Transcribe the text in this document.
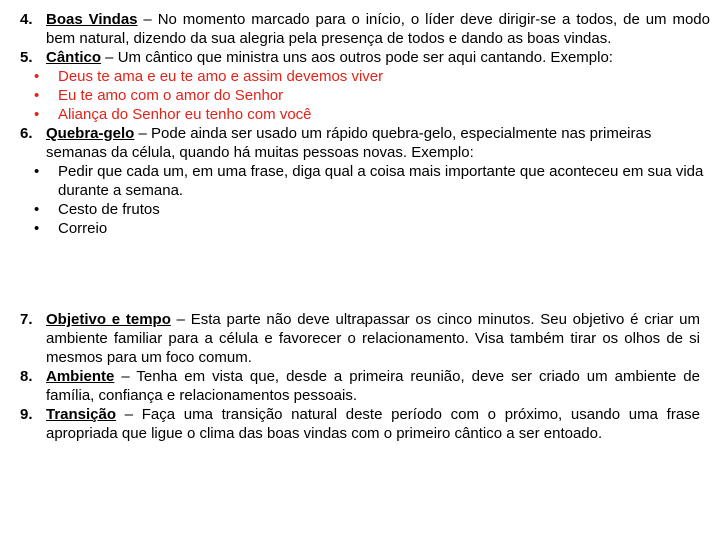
4. Boas Vindas – No momento marcado para o início, o líder deve dirigir-se a todos, de um modo bem natural, dizendo da sua alegria pela presença de todos e dando as boas vindas.
5. Cântico – Um cântico que ministra uns aos outros pode ser aqui cantando. Exemplo:
• Deus te ama e eu te amo e assim devemos viver
• Eu te amo com o amor do Senhor
• Aliança do Senhor eu tenho com você
6. Quebra-gelo – Pode ainda ser usado um rápido quebra-gelo, especialmente nas primeiras semanas da célula, quando há muitas pessoas novas. Exemplo:
• Pedir que cada um, em uma frase, diga qual a coisa mais importante que aconteceu em sua vida durante a semana.
• Cesto de frutos
• Correio
7. Objetivo e tempo – Esta parte não deve ultrapassar os cinco minutos. Seu objetivo é criar um ambiente familiar para a célula e favorecer o relacionamento. Visa também tirar os olhos de si mesmos para um foco comum.
8. Ambiente – Tenha em vista que, desde a primeira reunião, deve ser criado um ambiente de família, confiança e relacionamentos pessoais.
9. Transição – Faça uma transição natural deste período com o próximo, usando uma frase apropriada que ligue o clima das boas vindas com o primeiro cântico a ser entoado.
